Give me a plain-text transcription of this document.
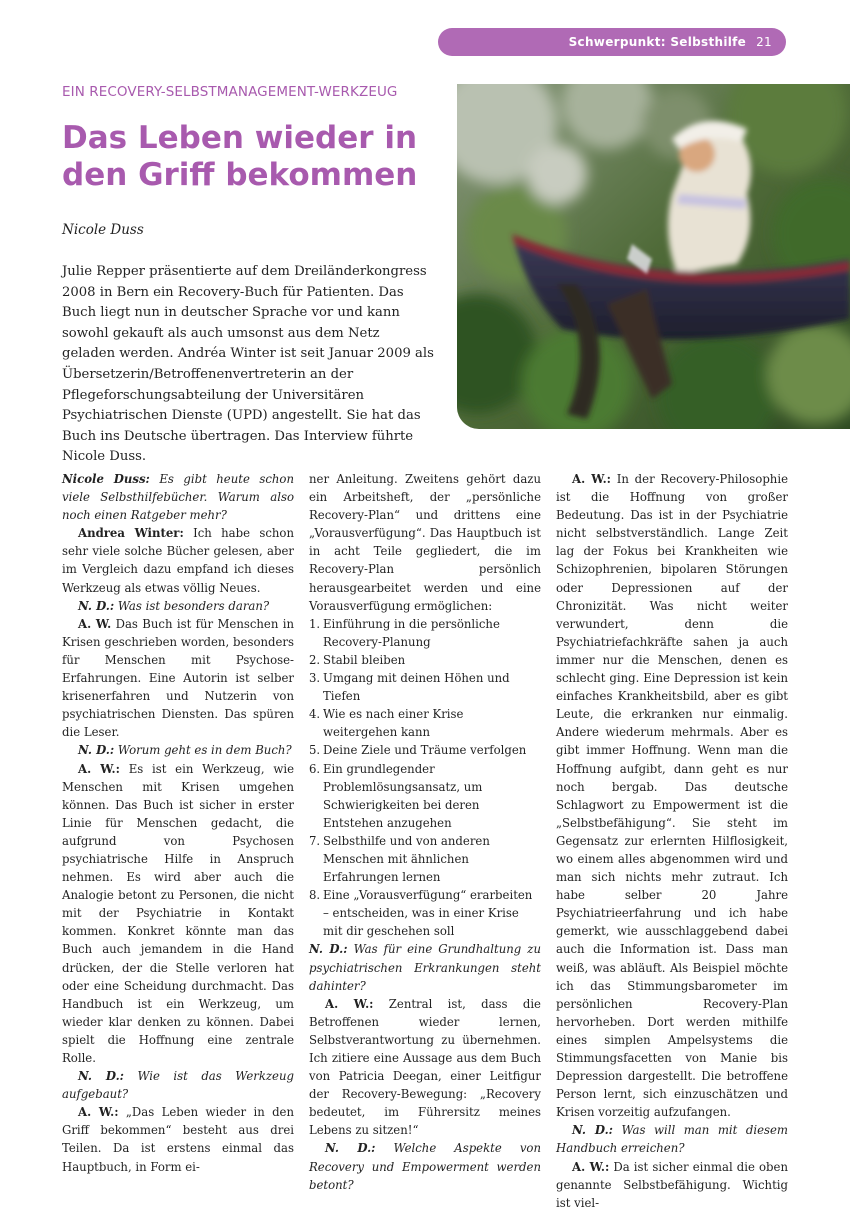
Schwerpunkt: Selbsthilfe 21
EIN RECOVERY-SELBSTMANAGEMENT-WERKZEUG
Das Leben wieder in den Griff bekommen
Nicole Duss

Julie Repper präsentierte auf dem Dreiländerkongress 2008 in Bern ein Recovery-Buch für Patienten. Das Buch liegt nun in deutscher Sprache vor und kann sowohl gekauft als auch umsonst aus dem Netz geladen werden. Andréa Winter ist seit Januar 2009 als Übersetzerin/Betroffenenvertreterin an der Pflegeforschungsabteilung der Universitären Psychiatrischen Dienste (UPD) angestellt. Sie hat das Buch ins Deutsche übertragen. Das Interview führte Nicole Duss.

Nicole Duss: Es gibt heute schon viele Selbsthilfebücher. Warum also noch einen Ratgeber mehr?

Andrea Winter: Ich habe schon sehr viele solche Bücher gelesen, aber im Vergleich dazu empfand ich dieses Werkzeug als etwas völlig Neues.

N. D.: Was ist besonders daran?

A. W. Das Buch ist für Menschen in Krisen geschrieben worden, besonders für Menschen mit Psychose-Erfahrungen. Eine Autorin ist selber krisenerfahren und Nutzerin von psychiatrischen Diensten. Das spüren die Leser.

N. D.: Worum geht es in dem Buch?

A. W.: Es ist ein Werkzeug, wie Menschen mit Krisen umgehen können. Das Buch ist sicher in erster Linie für Menschen gedacht, die aufgrund von Psychosen psychiatrische Hilfe in Anspruch nehmen. Es wird aber auch die Analogie betont zu Personen, die nicht mit der Psychiatrie in Kontakt kommen. Konkret könnte man das Buch auch jemandem in die Hand drücken, der die Stelle verloren hat oder eine Scheidung durchmacht. Das Handbuch ist ein Werkzeug, um wieder klar denken zu können. Dabei spielt die Hoffnung eine zentrale Rolle.

N. D.: Wie ist das Werkzeug aufgebaut?

A. W.: „Das Leben wieder in den Griff bekommen“ besteht aus drei Teilen. Da ist erstens einmal das Hauptbuch, in Form ei-

ner Anleitung. Zweitens gehört dazu ein Arbeitsheft, der „persönliche Recovery-Plan“ und drittens eine „Vorausverfügung“. Das Hauptbuch ist in acht Teile gegliedert, die im Recovery-Plan persönlich herausgearbeitet werden und eine Vorausverfügung ermöglichen:

1. Einführung in die persönliche Recovery-Planung
2. Stabil bleiben
3. Umgang mit deinen Höhen und Tiefen
4. Wie es nach einer Krise weitergehen kann
5. Deine Ziele und Träume verfolgen
6. Ein grundlegender Problemlösungsansatz, um Schwierigkeiten bei deren Entstehen anzugehen
7. Selbsthilfe und von anderen Menschen mit ähnlichen Erfahrungen lernen
8. Eine „Vorausverfügung“ erarbeiten – entscheiden, was in einer Krise mit dir geschehen soll

N. D.: Was für eine Grundhaltung zu psychiatrischen Erkrankungen steht dahinter?

A. W.: Zentral ist, dass die Betroffenen wieder lernen, Selbstverantwortung zu übernehmen. Ich zitiere eine Aussage aus dem Buch von Patricia Deegan, einer Leitfigur der Recovery-Bewegung: „Recovery bedeutet, im Führersitz meines Lebens zu sitzen!“

N. D.: Welche Aspekte von Recovery und Empowerment werden betont?

A. W.: In der Recovery-Philosophie ist die Hoffnung von großer Bedeutung. Das ist in der Psychiatrie nicht selbstverständlich. Lange Zeit lag der Fokus bei Krankheiten wie Schizophrenien, bipolaren Störungen oder Depressionen auf der Chronizität. Was nicht weiter verwundert, denn die Psychiatriefachkräfte sahen ja auch immer nur die Menschen, denen es schlecht ging. Eine Depression ist kein einfaches Krankheitsbild, aber es gibt Leute, die erkranken nur einmalig. Andere wiederum mehrmals. Aber es gibt immer Hoffnung. Wenn man die Hoffnung aufgibt, dann geht es nur noch bergab. Das deutsche Schlagwort zu Empowerment ist die „Selbstbefähigung“. Sie steht im Gegensatz zur erlernten Hilflosigkeit, wo einem alles abgenommen wird und man sich nichts mehr zutraut. Ich habe selber 20 Jahre Psychiatrieerfahrung und ich habe gemerkt, wie ausschlaggebend dabei auch die Information ist. Dass man weiß, was abläuft. Als Beispiel möchte ich das Stimmungsbarometer im persönlichen Recovery-Plan hervorheben. Dort werden mithilfe eines simplen Ampelsystems die Stimmungsfacetten von Manie bis Depression dargestellt. Die betroffene Person lernt, sich einzuschätzen und Krisen vorzeitig aufzufangen.

N. D.: Was will man mit diesem Handbuch erreichen?

A. W.: Da ist sicher einmal die oben genannte Selbstbefähigung. Wichtig ist viel-
